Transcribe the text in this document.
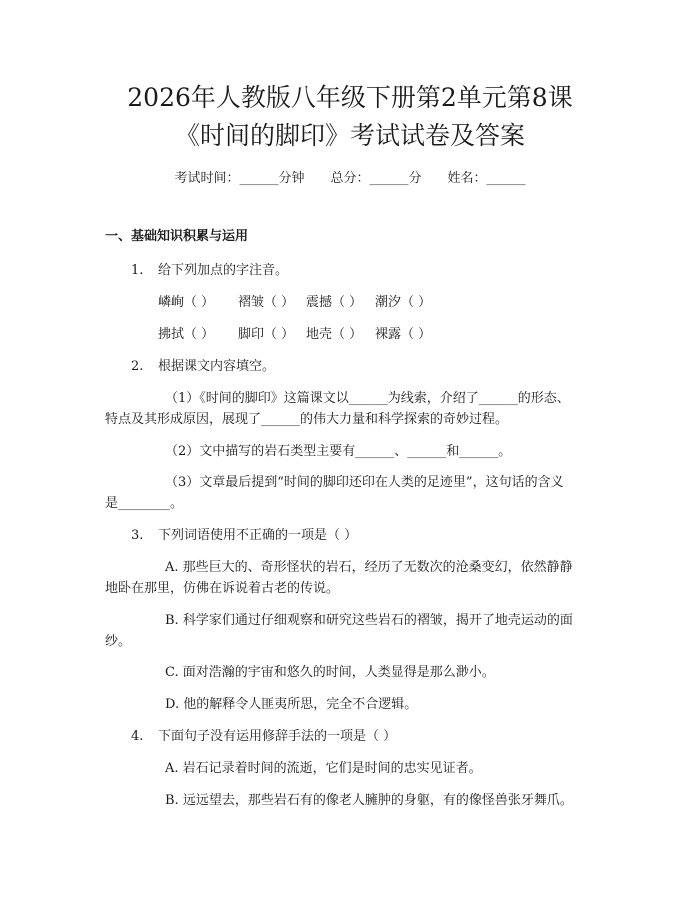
2026年人教版八年级下册第2单元第8课
《时间的脚印》考试试卷及答案
考试时间：______分钟 总分：______分 姓名：______
一、基础知识积累与运用
1. 给下列加点的字注音。
嶙峋（ ） 褶皱（ ） 震撼（ ） 潮汐（ ）
拂拭（ ） 脚印（ ） 地壳（ ） 裸露（ ）
2. 根据课文内容填空。
（1）《时间的脚印》这篇课文以______为线索，介绍了______的形态、
特点及其形成原因，展现了______的伟大力量和科学探索的奇妙过程。
（2）文中描写的岩石类型主要有______、______和______。
（3）文章最后提到“时间的脚印还印在人类的足迹里”，这句话的含义
是________。
3. 下列词语使用不正确的一项是（ ）
A. 那些巨大的、奇形怪状的岩石，经历了无数次的沧桑变幻，依然静静
地卧在那里，仿佛在诉说着古老的传说。
B. 科学家们通过仔细观察和研究这些岩石的褶皱，揭开了地壳运动的面
纱。
C. 面对浩瀚的宇宙和悠久的时间，人类显得是那么渺小。
D. 他的解释令人匪夷所思，完全不合逻辑。
4. 下面句子没有运用修辞手法的一项是（ ）
A. 岩石记录着时间的流逝，它们是时间的忠实见证者。
B. 远远望去，那些岩石有的像老人臃肿的身躯，有的像怪兽张牙舞爪。
